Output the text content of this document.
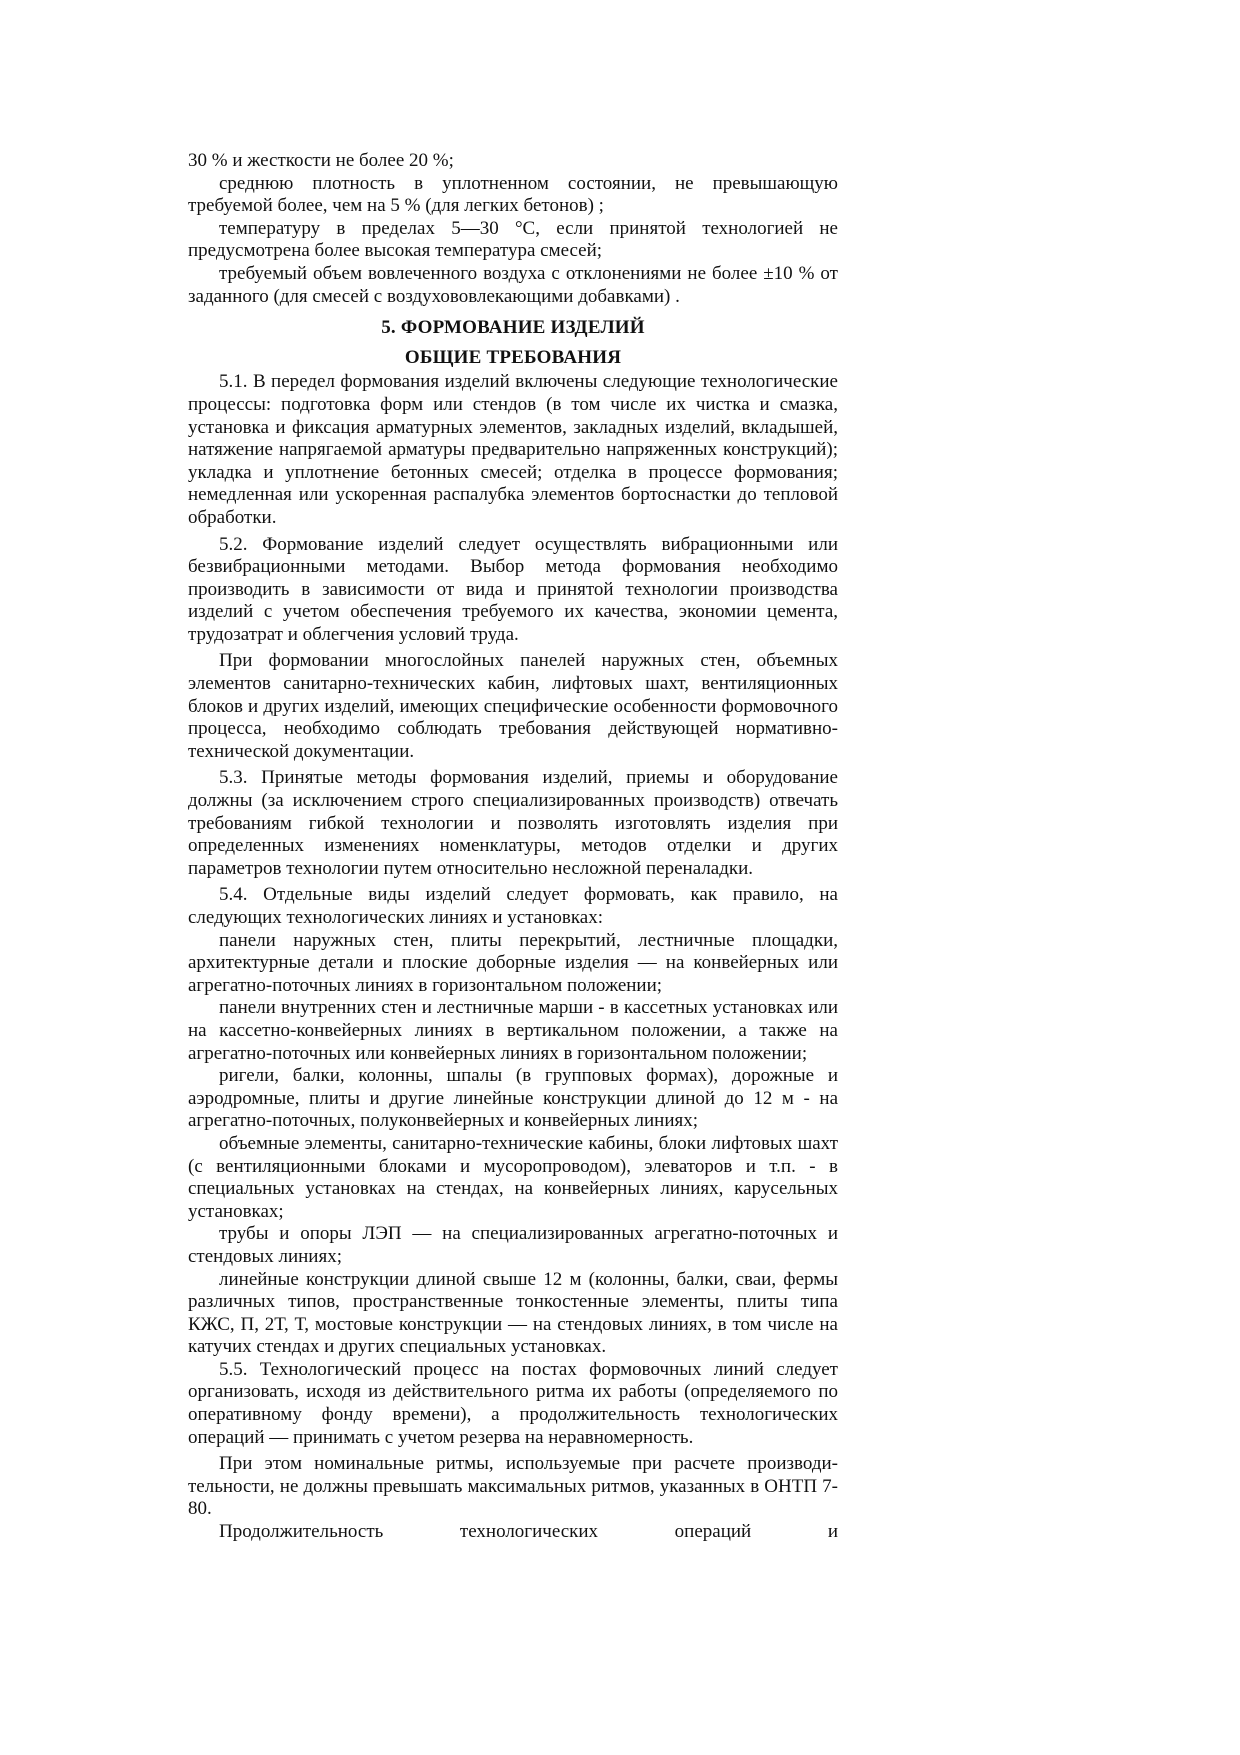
30 % и жесткости не более 20 %;

среднюю плотность в уплотненном состоянии, не превышающую требуемой более, чем на 5 % (для легких бетонов) ;

температуру в пределах 5—30 °С, если принятой технологией не предусмотрена более высокая температура смесей;

требуемый объем вовлеченного воздуха с отклонениями не более ±10 % от заданного (для смесей с воздухововлекающими добавками) .

5. ФОРМОВАНИЕ ИЗДЕЛИЙ

ОБЩИЕ ТРЕБОВАНИЯ

5.1. В передел формования изделий включены следующие технологические процессы: подготовка форм или стендов (в том числе их чистка и смазка, установка и фиксация арматурных элементов, закладных изделий, вкладышей, натяжение напрягаемой арматуры предварительно напряженных конструкций); укладка и уплотнение бетонных смесей; отделка в процессе формования; немедленная или ускоренная распалубка элементов бортоснастки до тепловой обработки.

5.2. Формование изделий следует осуществлять вибрационными или безвибрационными методами. Выбор метода формования необходимо производить в зависимости от вида и принятой технологии производства изделий с учетом обеспечения требуемого их качества, экономии цемента, трудозатрат и облегчения условий труда.

При формовании многослойных панелей наружных стен, объемных элементов санитарно-технических кабин, лифтовых шахт, вентиляционных блоков и других изделий, имеющих специфические особенности формовочного процесса, необходимо соблюдать требования действующей нормативно-технической документации.

5.3. Принятые методы формования изделий, приемы и оборудование должны (за исключением строго специализированных производств) отвечать требованиям гибкой технологии и позволять изготовлять изделия при определенных изменениях номенклатуры, методов отделки и других параметров технологии путем относительно несложной переналадки.

5.4. Отдельные виды изделий следует формовать, как правило, на следующих технологических линиях и установках:

панели наружных стен, плиты перекрытий, лестничные площадки, архитектурные детали и плоские доборные изделия — на конвейерных или агрегатно-поточных линиях в горизонтальном положении;

панели внутренних стен и лестничные марши - в кассетных установках или на кассетно-конвейерных линиях в вертикальном положении, а также на агрегатно-поточных или конвейерных линиях в горизонтальном положении;

ригели, балки, колонны, шпалы (в групповых формах), дорожные и аэродромные, плиты и другие линейные конструкции длиной до 12 м - на агрегатно-поточных, полуконвейерных и конвейерных линиях;

объемные элементы, санитарно-технические кабины, блоки лифтовых шахт (с вентиляционными блоками и мусоропроводом), элеваторов и т.п. - в специальных установках на стендах, на конвейерных линиях, карусельных установках;

трубы и опоры ЛЭП — на специализированных агрегатно-поточных и стендовых линиях;

линейные конструкции длиной свыше 12 м (колонны, балки, сваи, фермы различных типов, пространственные тонкостенные элементы, плиты типа КЖС, П, 2Т, Т, мостовые конструкции — на стендовых линиях, в том числе на катучих стендах и других специальных установках.

5.5. Технологический процесс на постах формовочных линий следует организовать, исходя из действительного ритма их работы (определяемого по оперативному фонду времени), а продолжительность технологических операций — принимать с учетом резерва на неравномерность.

При этом номинальные ритмы, используемые при расчете производительности, не должны превышать максимальных ритмов, указанных в ОНТП 7-80.

Продолжительность технологических операций и
